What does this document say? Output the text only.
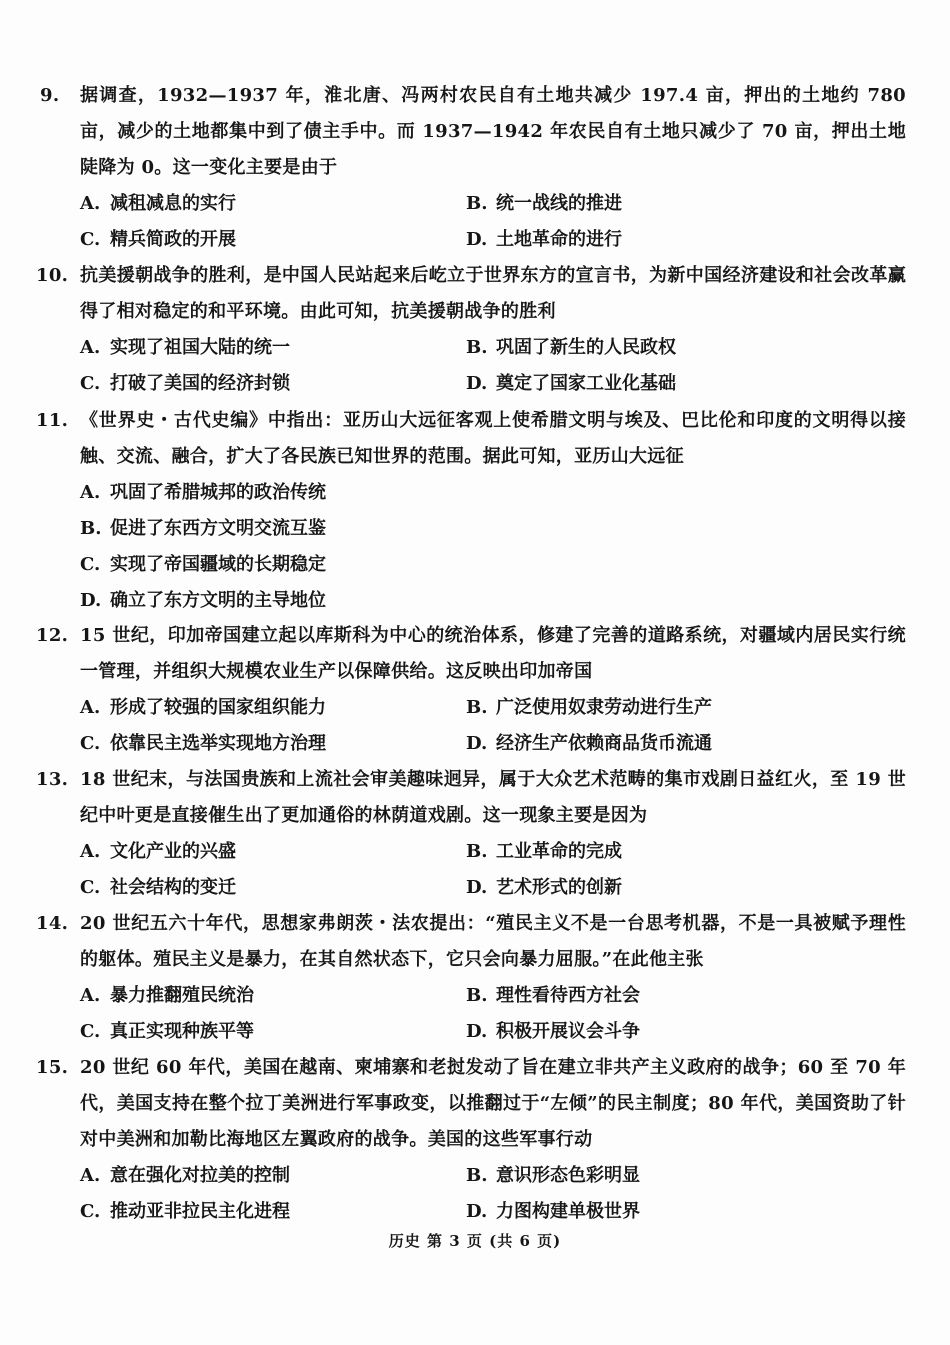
9.	据调查，1932—1937 年，淮北唐、冯两村农民自有土地共减少 197.4 亩，押出的土地约 780 亩，减少的土地都集中到了债主手中。而 1937—1942 年农民自有土地只减少了 70 亩，押出土地陡降为 0。这一变化主要是由于
A. 减租减息的实行	B. 统一战线的推进
C. 精兵简政的开展	D. 土地革命的进行
10. 抗美援朝战争的胜利，是中国人民站起来后屹立于世界东方的宣言书，为新中国经济建设和社会改革赢得了相对稳定的和平环境。由此可知，抗美援朝战争的胜利
A. 实现了祖国大陆的统一	B. 巩固了新生的人民政权
C. 打破了美国的经济封锁	D. 奠定了国家工业化基础
11. 《世界史・古代史编》中指出：亚历山大远征客观上使希腊文明与埃及、巴比伦和印度的文明得以接触、交流、融合，扩大了各民族已知世界的范围。据此可知，亚历山大远征
A. 巩固了希腊城邦的政治传统
B. 促进了东西方文明交流互鉴
C. 实现了帝国疆域的长期稳定
D. 确立了东方文明的主导地位
12. 15 世纪，印加帝国建立起以库斯科为中心的统治体系，修建了完善的道路系统，对疆域内居民实行统一管理，并组织大规模农业生产以保障供给。这反映出印加帝国
A. 形成了较强的国家组织能力	B. 广泛使用奴隶劳动进行生产
C. 依靠民主选举实现地方治理	D. 经济生产依赖商品货币流通
13. 18 世纪末，与法国贵族和上流社会审美趣味迥异，属于大众艺术范畴的集市戏剧日益红火，至 19 世纪中叶更是直接催生出了更加通俗的林荫道戏剧。这一现象主要是因为
A. 文化产业的兴盛	B. 工业革命的完成
C. 社会结构的变迁	D. 艺术形式的创新
14. 20 世纪五六十年代，思想家弗朗茨・法农提出：“殖民主义不是一台思考机器，不是一具被赋予理性的躯体。殖民主义是暴力，在其自然状态下，它只会向暴力屈服。”在此他主张
A. 暴力推翻殖民统治	B. 理性看待西方社会
C. 真正实现种族平等	D. 积极开展议会斗争
15. 20 世纪 60 年代，美国在越南、柬埔寨和老挝发动了旨在建立非共产主义政府的战争；60 至 70 年代，美国支持在整个拉丁美洲进行军事政变，以推翻过于“左倾”的民主制度；80 年代，美国资助了针对中美洲和加勒比海地区左翼政府的战争。美国的这些军事行动
A. 意在强化对拉美的控制	B. 意识形态色彩明显
C. 推动亚非拉民主化进程	D. 力图构建单极世界
历史 第 3 页 (共 6 页)
